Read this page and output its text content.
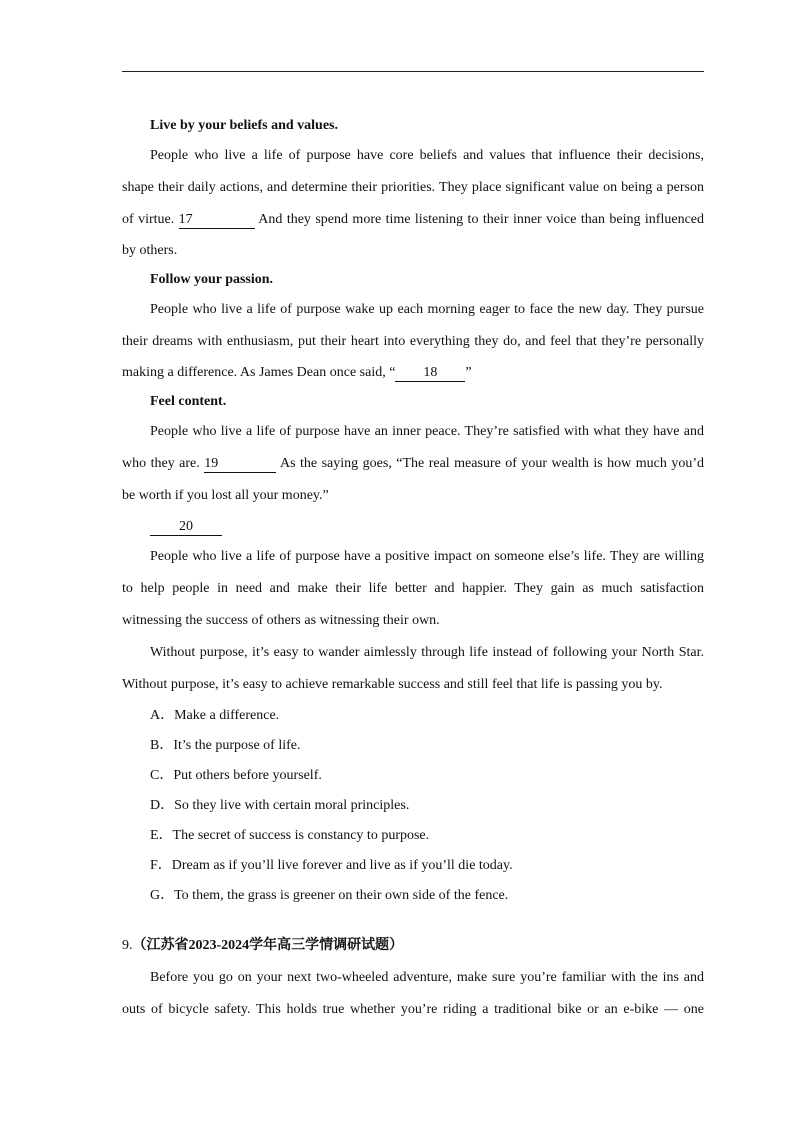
Live by your beliefs and values.
People who live a life of purpose have core beliefs and values that influence their decisions,
shape their daily actions, and determine their priorities. They place significant value on being a person
of virtue. 17	And they spend more time listening to their inner voice than being influenced
by others.
Follow your passion.
People who live a life of purpose wake up each morning eager to face the new day. They pursue
their dreams with enthusiasm, put their heart into everything they do, and feel that they’re personally
making a difference. As James Dean once said, “ 18 ”
Feel content.
People who live a life of purpose have an inner peace. They’re satisfied with what they have and
who they are. 19	As the saying goes, “The real measure of your wealth is how much you’d
be worth if you lost all your money.”
20
People who live a life of purpose have a positive impact on someone else’s life. They are willing
to help people in need and make their life better and happier. They gain as much satisfaction
witnessing the success of others as witnessing their own.
Without purpose, it’s easy to wander aimlessly through life instead of following your North Star.
Without purpose, it’s easy to achieve remarkable success and still feel that life is passing you by.
A．Make a difference.
B．It’s the purpose of life.
C．Put others before yourself.
D．So they live with certain moral principles.
E．The secret of success is constancy to purpose.
F．Dream as if you’ll live forever and live as if you’ll die today.
G．To them, the grass is greener on their own side of the fence.
9.（江苏省2023-2024学年高三学情调研试题）
Before you go on your next two-wheeled adventure, make sure you’re familiar with the ins and
outs of bicycle safety. This holds true whether you’re riding a traditional bike or an e-bike — one
